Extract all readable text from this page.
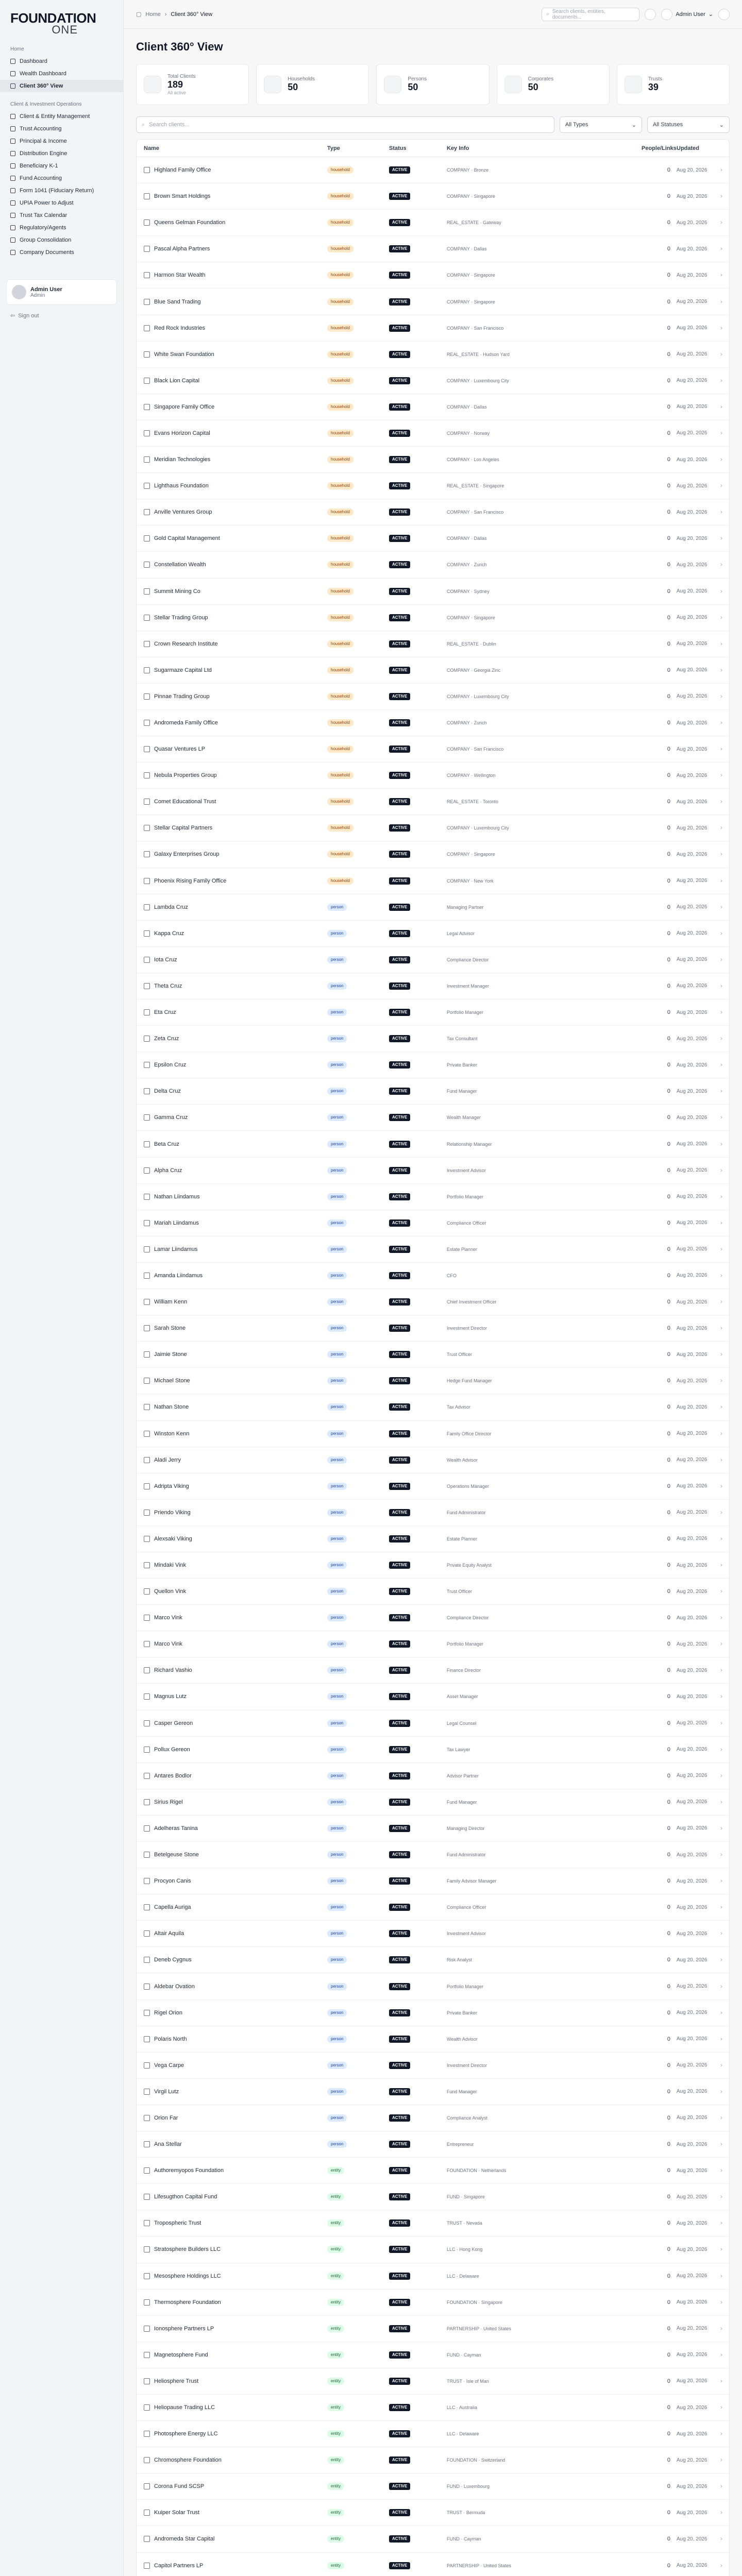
FOUNDATION
ONE
Home
Dashboard
Wealth Dashboard
Client 360° View
Client & Investment Operations
Client & Entity Management
Trust Accounting
Principal & Income
Distribution Engine
Beneficiary K-1
Fund Accounting
Form 1041 (Fiduciary Return)
UPIA Power to Adjust
Trust Tax Calendar
Regulatory/Agents
Group Consolidation
Company Documents
Admin User
Admin
⇦ Sign out
▢ Home › Client 360° View	⌕ Search clients, entities, documents...	Admin User ⌄
Client 360° View
Total Clients
189
All active
Households
50
Persons
50
Corporates
50
Trusts
39
⌕ Search clients...	All Types	⌄	All Statuses	⌄
Name	Type	Status	Key Info	People/Links Updated
Highland Family Office	household	ACTIVE	COMPANY · Bronze	0	Aug 20, 2026	›
Brown Smart Holdings	household	ACTIVE	COMPANY · Singapore	0	Aug 20, 2026	›
Queens Gelman Foundation	household	ACTIVE	REAL_ESTATE · Gateway	0	Aug 20, 2026	›
Pascal Alpha Partners	household	ACTIVE	COMPANY · Dallas	0	Aug 20, 2026	›
Harmon Star Wealth	household	ACTIVE	COMPANY · Singapore	0	Aug 20, 2026	›
Blue Sand Trading	household	ACTIVE	COMPANY · Singapore	0	Aug 20, 2026	›
Red Rock Industries	household	ACTIVE	COMPANY · San Francisco	0	Aug 20, 2026	›
White Swan Foundation	household	ACTIVE	REAL_ESTATE · Hudson Yard	0	Aug 20, 2026	›
Black Lion Capital	household	ACTIVE	COMPANY · Luxembourg City	0	Aug 20, 2026	›
Singapore Family Office	household	ACTIVE	COMPANY · Dallas	0	Aug 20, 2026	›
Evans Horizon Capital	household	ACTIVE	COMPANY · Norway	0	Aug 20, 2026	›
Meridian Technologies	household	ACTIVE	COMPANY · Los Angeles	0	Aug 20, 2026	›
Lighthaus Foundation	household	ACTIVE	REAL_ESTATE · Singapore	0	Aug 20, 2026	›
Anville Ventures Group	household	ACTIVE	COMPANY · San Francisco	0	Aug 20, 2026	›
Gold Capital Management	household	ACTIVE	COMPANY · Dallas	0	Aug 20, 2026	›
Constellation Wealth	household	ACTIVE	COMPANY · Zurich	0	Aug 20, 2026	›
Summit Mining Co	household	ACTIVE	COMPANY · Sydney	0	Aug 20, 2026	›
Stellar Trading Group	household	ACTIVE	COMPANY · Singapore	0	Aug 20, 2026	›
Crown Research Institute	household	ACTIVE	REAL_ESTATE · Dublin	0	Aug 20, 2026	›
Sugarmaze Capital Ltd	household	ACTIVE	COMPANY · Georgia Zinc	0	Aug 20, 2026	›
Pinnae Trading Group	household	ACTIVE	COMPANY · Luxembourg City	0	Aug 20, 2026	›
Andromeda Family Office	household	ACTIVE	COMPANY · Zurich	0	Aug 20, 2026	›
Quasar Ventures LP	household	ACTIVE	COMPANY · San Francisco	0	Aug 20, 2026	›
Nebula Properties Group	household	ACTIVE	COMPANY · Wellington	0	Aug 20, 2026	›
Comet Educational Trust	household	ACTIVE	REAL_ESTATE · Toronto	0	Aug 20, 2026	›
Stellar Capital Partners	household	ACTIVE	COMPANY · Luxembourg City	0	Aug 20, 2026	›
Galaxy Enterprises Group	household	ACTIVE	COMPANY · Singapore	0	Aug 20, 2026	›
Phoenix Rising Family Office	household	ACTIVE	COMPANY · New York	0	Aug 20, 2026	›
Lambda Cruz	person	ACTIVE	Managing Partner	0	Aug 20, 2026	›
Kappa Cruz	person	ACTIVE	Legal Advisor	0	Aug 20, 2026	›
Iota Cruz	person	ACTIVE	Compliance Director	0	Aug 20, 2026	›
Theta Cruz	person	ACTIVE	Investment Manager	0	Aug 20, 2026	›
Eta Cruz	person	ACTIVE	Portfolio Manager	0	Aug 20, 2026	›
Zeta Cruz	person	ACTIVE	Tax Consultant	0	Aug 20, 2026	›
Epsilon Cruz	person	ACTIVE	Private Banker	0	Aug 20, 2026	›
Delta Cruz	person	ACTIVE	Fund Manager	0	Aug 20, 2026	›
Gamma Cruz	person	ACTIVE	Wealth Manager	0	Aug 20, 2026	›
Beta Cruz	person	ACTIVE	Relationship Manager	0	Aug 20, 2026	›
Alpha Cruz	person	ACTIVE	Investment Advisor	0	Aug 20, 2026	›
Nathan Liindamus	person	ACTIVE	Portfolio Manager	0	Aug 20, 2026	›
Mariah Liindamus	person	ACTIVE	Compliance Officer	0	Aug 20, 2026	›
Lamar Liindamus	person	ACTIVE	Estate Planner	0	Aug 20, 2026	›
Amanda Liindamus	person	ACTIVE	CFO	0	Aug 20, 2026	›
William Kenn	person	ACTIVE	Chief Investment Officer	0	Aug 20, 2026	›
Sarah Stone	person	ACTIVE	Investment Director	0	Aug 20, 2026	›
Jaimie Stone	person	ACTIVE	Trust Officer	0	Aug 20, 2026	›
Michael Stone	person	ACTIVE	Hedge Fund Manager	0	Aug 20, 2026	›
Nathan Stone	person	ACTIVE	Tax Advisor	0	Aug 20, 2026	›
Winston Kenn	person	ACTIVE	Family Office Director	0	Aug 20, 2026	›
Aladi Jerry	person	ACTIVE	Wealth Advisor	0	Aug 20, 2026	›
Adripta Viking	person	ACTIVE	Operations Manager	0	Aug 20, 2026	›
Priendo Viking	person	ACTIVE	Fund Administrator	0	Aug 20, 2026	›
Alexsaki Viking	person	ACTIVE	Estate Planner	0	Aug 20, 2026	›
Mindaki Vink	person	ACTIVE	Private Equity Analyst	0	Aug 20, 2026	›
Quellon Vink	person	ACTIVE	Trust Officer	0	Aug 20, 2026	›
Marco Vink	person	ACTIVE	Compliance Director	0	Aug 20, 2026	›
Marco Vink	person	ACTIVE	Portfolio Manager	0	Aug 20, 2026	›
Richard Vashio	person	ACTIVE	Finance Director	0	Aug 20, 2026	›
Magnus Lutz	person	ACTIVE	Asset Manager	0	Aug 20, 2026	›
Casper Gereon	person	ACTIVE	Legal Counsel	0	Aug 20, 2026	›
Pollux Gereon	person	ACTIVE	Tax Lawyer	0	Aug 20, 2026	›
Antares Bodlor	person	ACTIVE	Advisor Partner	0	Aug 20, 2026	›
Sirius Rigel	person	ACTIVE	Fund Manager	0	Aug 20, 2026	›
Adelheras Tanina	person	ACTIVE	Managing Director	0	Aug 20, 2026	›
Betelgeuse Stone	person	ACTIVE	Fund Administrator	0	Aug 20, 2026	›
Procyon Canis	person	ACTIVE	Family Advisor Manager	0	Aug 20, 2026	›
Capella Auriga	person	ACTIVE	Compliance Officer	0	Aug 20, 2026	›
Altair Aquila	person	ACTIVE	Investment Advisor	0	Aug 20, 2026	›
Deneb Cygnus	person	ACTIVE	Risk Analyst	0	Aug 20, 2026	›
Aldebar Ovation	person	ACTIVE	Portfolio Manager	0	Aug 20, 2026	›
Rigel Orion	person	ACTIVE	Private Banker	0	Aug 20, 2026	›
Polaris North	person	ACTIVE	Wealth Advisor	0	Aug 20, 2026	›
Vega Carpe	person	ACTIVE	Investment Director	0	Aug 20, 2026	›
Virgil Lutz	person	ACTIVE	Fund Manager	0	Aug 20, 2026	›
Orion Far	person	ACTIVE	Compliance Analyst	0	Aug 20, 2026	›
Ana Stellar	person	ACTIVE	Entrepreneur	0	Aug 20, 2026	›
Authoremyopos Foundation	entity	ACTIVE	FOUNDATION · Netherlands	0	Aug 20, 2026	›
Lifesugthon Capital Fund	entity	ACTIVE	FUND · Singapore	0	Aug 20, 2026	›
Tropospheric Trust	entity	ACTIVE	TRUST · Nevada	0	Aug 20, 2026	›
Stratosphere Builders LLC	entity	ACTIVE	LLC · Hong Kong	0	Aug 20, 2026	›
Mesosphere Holdings LLC	entity	ACTIVE	LLC · Delaware	0	Aug 20, 2026	›
Thermosphere Foundation	entity	ACTIVE	FOUNDATION · Singapore	0	Aug 20, 2026	›
Ionosphere Partners LP	entity	ACTIVE	PARTNERSHIP · United States	0	Aug 20, 2026	›
Magnetosphere Fund	entity	ACTIVE	FUND · Cayman	0	Aug 20, 2026	›
Heliosphere Trust	entity	ACTIVE	TRUST · Isle of Man	0	Aug 20, 2026	›
Heliopause Trading LLC	entity	ACTIVE	LLC · Australia	0	Aug 20, 2026	›
Photosphere Energy LLC	entity	ACTIVE	LLC · Delaware	0	Aug 20, 2026	›
Chromosphere Foundation	entity	ACTIVE	FOUNDATION · Switzerland	0	Aug 20, 2026	›
Corona Fund SCSP	entity	ACTIVE	FUND · Luxembourg	0	Aug 20, 2026	›
Kuiper Solar Trust	entity	ACTIVE	TRUST · Bermuda	0	Aug 20, 2026	›
Andromeda Star Capital	entity	ACTIVE	FUND · Cayman	0	Aug 20, 2026	›
Capitol Partners LP	entity	ACTIVE	PARTNERSHIP · United States	0	Aug 20, 2026	›
